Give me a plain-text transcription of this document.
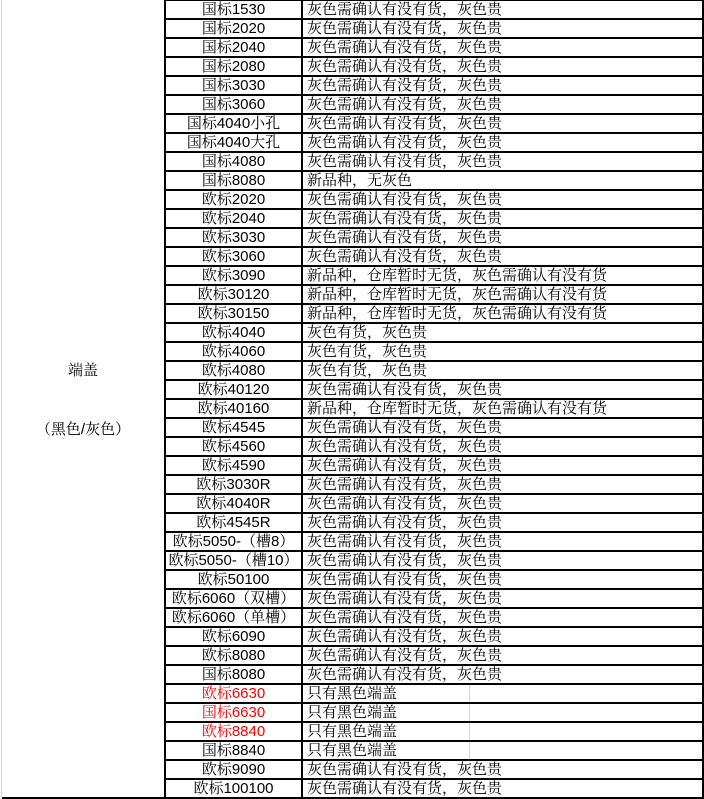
端盖
（黑色/灰色）
国标1530	灰色需确认有没有货，灰色贵
国标2020	灰色需确认有没有货，灰色贵
国标2040	灰色需确认有没有货，灰色贵
国标2080	灰色需确认有没有货，灰色贵
国标3030	灰色需确认有没有货，灰色贵
国标3060	灰色需确认有没有货，灰色贵
国标4040小孔	灰色需确认有没有货，灰色贵
国标4040大孔	灰色需确认有没有货，灰色贵
国标4080	灰色需确认有没有货，灰色贵
国标8080	新品种，无灰色
欧标2020	灰色需确认有没有货，灰色贵
欧标2040	灰色需确认有没有货，灰色贵
欧标3030	灰色需确认有没有货，灰色贵
欧标3060	灰色需确认有没有货，灰色贵
欧标3090	新品种，仓库暂时无货，灰色需确认有没有货
欧标30120	新品种，仓库暂时无货，灰色需确认有没有货
欧标30150	新品种，仓库暂时无货，灰色需确认有没有货
欧标4040	灰色有货，灰色贵
欧标4060	灰色有货，灰色贵
欧标4080	灰色有货，灰色贵
欧标40120	灰色需确认有没有货，灰色贵
欧标40160	新品种，仓库暂时无货，灰色需确认有没有货
欧标4545	灰色需确认有没有货，灰色贵
欧标4560	灰色需确认有没有货，灰色贵
欧标4590	灰色需确认有没有货，灰色贵
欧标3030R	灰色需确认有没有货，灰色贵
欧标4040R	灰色需确认有没有货，灰色贵
欧标4545R	灰色需确认有没有货，灰色贵
欧标5050-（槽8） 灰色需确认有没有货，灰色贵
欧标5050-（槽10） 灰色需确认有没有货，灰色贵
欧标50100	灰色需确认有没有货，灰色贵
欧标6060（双槽） 灰色需确认有没有货，灰色贵
欧标6060（单槽） 灰色需确认有没有货，灰色贵
欧标6090	灰色需确认有没有货，灰色贵
欧标8080	灰色需确认有没有货，灰色贵
国标8080	灰色需确认有没有货，灰色贵
欧标6630	只有黑色端盖
国标6630	只有黑色端盖
欧标8840	只有黑色端盖
国标8840	只有黑色端盖
欧标9090	灰色需确认有没有货，灰色贵
欧标100100	灰色需确认有没有货，灰色贵
